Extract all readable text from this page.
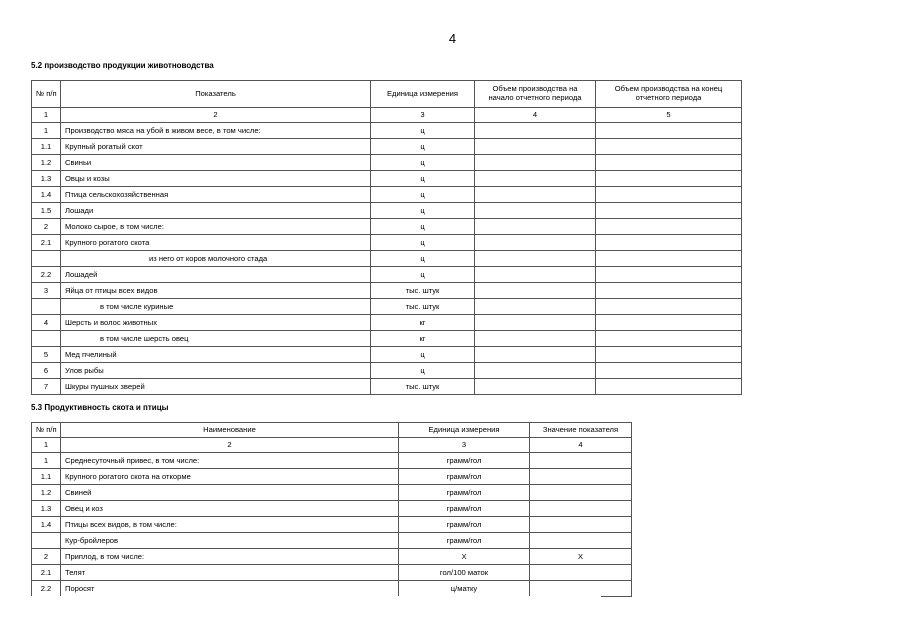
4
5.2 производство продукции животноводства
№ п/п	Показатель	Единица измерения	Объем производства на начало отчетного периода	Объем производства на конец отчетного периода
1	2	3	4	5
1	Производство мяса на убой в живом весе, в том числе:	ц		
1.1	Крупный рогатый скот	ц		
1.2	Свиньи	ц		
1.3	Овцы и козы	ц		
1.4	Птица сельскохозяйственная	ц		
1.5	Лошади	ц		
2	Молоко сырое, в том числе:	ц		
2.1	Крупного рогатого скота	ц		
	из него от коров молочного стада	ц		
2.2	Лошадей	ц		
3	Яйца от птицы всех видов	тыс. штук		
	в том числе куриные	тыс. штук		
4	Шерсть и волос животных	кг		
	в том числе шерсть овец	кг		
5	Мед пчелиный	ц		
6	Улов рыбы	ц		
7	Шкуры пушных зверей	тыс. штук		
5.3 Продуктивность скота и птицы
№ п/п	Наименование	Единица измерения	Значение показателя
1	2	3	4
1	Среднесуточный привес, в том числе:	грамм/гол	
1.1	Крупного рогатого скота на откорме	грамм/гол	
1.2	Свиней	грамм/гол	
1.3	Овец и коз	грамм/гол	
1.4	Птицы всех видов, в том числе:	грамм/гол	
	Кур-бройлеров	грамм/гол	
2	Приплод, в том числе:	Х	Х
2.1	Телят	гол/100 маток	
2.2	Поросят	ц/матку	
